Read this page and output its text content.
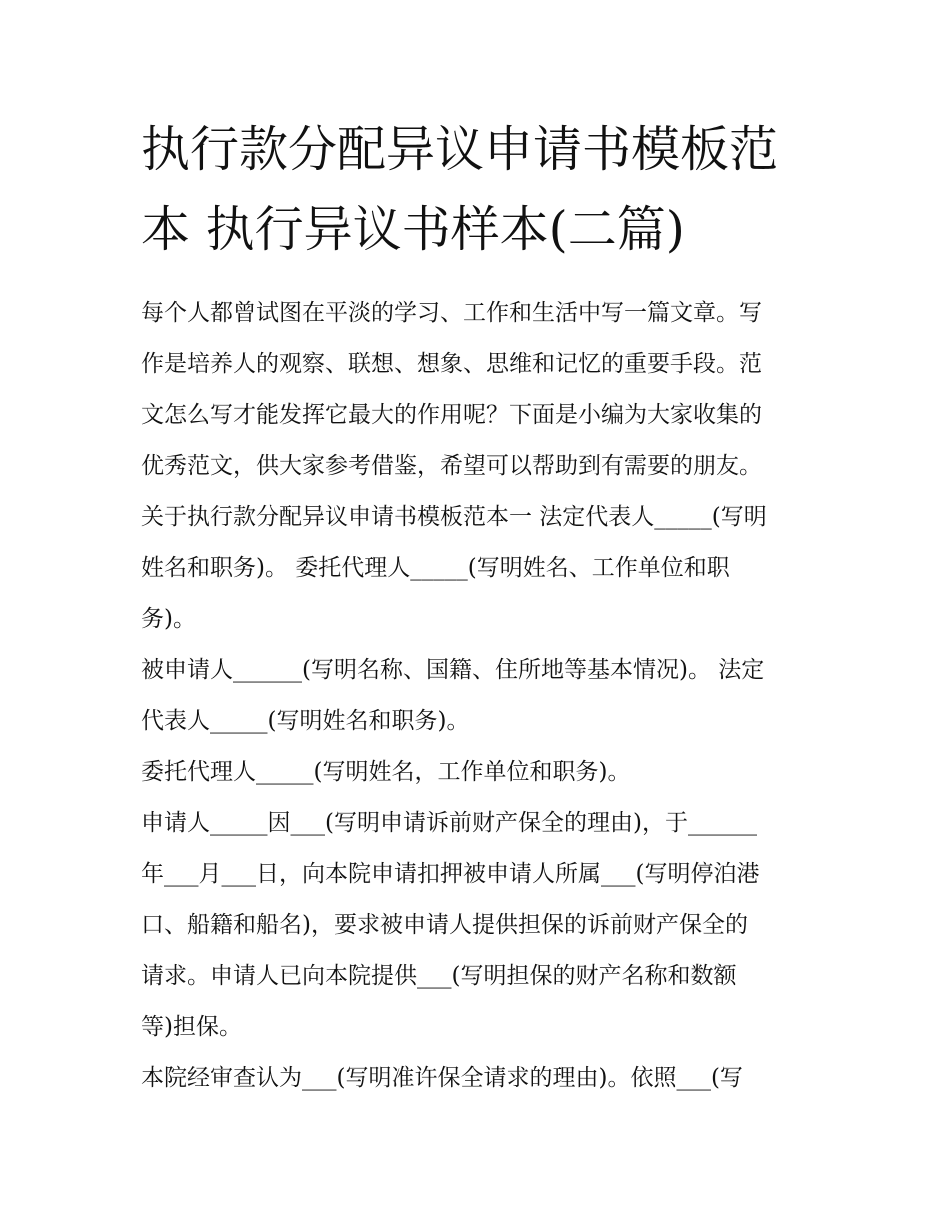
执行款分配异议申请书模板范
本 执行异议书样本(二篇)
每个人都曾试图在平淡的学习、工作和生活中写一篇文章。写
作是培养人的观察、联想、想象、思维和记忆的重要手段。范
文怎么写才能发挥它最大的作用呢？下面是小编为大家收集的
优秀范文，供大家参考借鉴，希望可以帮助到有需要的朋友。
关于执行款分配异议申请书模板范本一 法定代表人_____(写明
姓名和职务)。 委托代理人_____(写明姓名、工作单位和职
务)。
被申请人______(写明名称、国籍、住所地等基本情况)。 法定
代表人_____(写明姓名和职务)。
委托代理人_____(写明姓名，工作单位和职务)。
申请人_____因___(写明申请诉前财产保全的理由)，于______
年___月___日，向本院申请扣押被申请人所属___(写明停泊港
口、船籍和船名)，要求被申请人提供担保的诉前财产保全的
请求。申请人已向本院提供___(写明担保的财产名称和数额
等)担保。
本院经审查认为___(写明准许保全请求的理由)。依照___(写
